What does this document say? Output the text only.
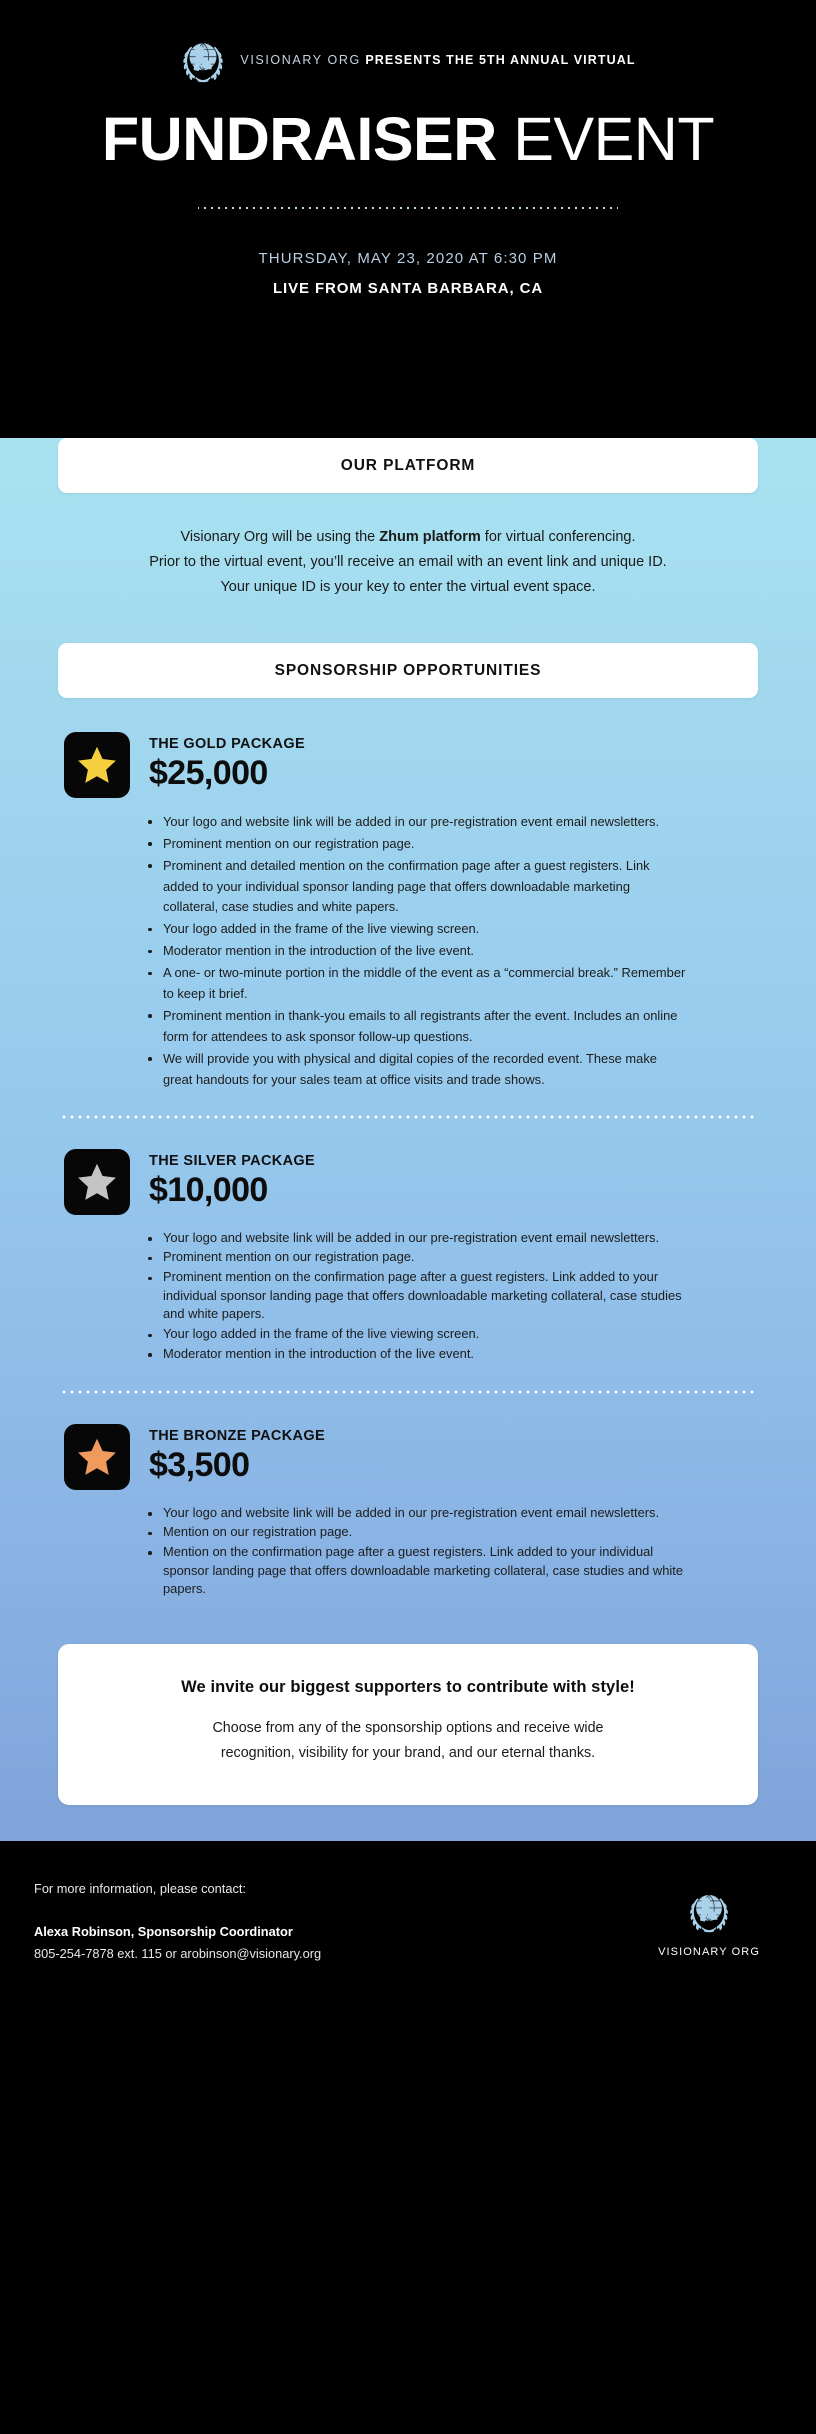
VISIONARY ORG PRESENTS THE 5TH ANNUAL VIRTUAL
FUNDRAISER EVENT
THURSDAY, MAY 23, 2020 AT 6:30 PM
LIVE FROM SANTA BARBARA, CA
OUR PLATFORM
Visionary Org will be using the Zhum platform for virtual conferencing.
Prior to the virtual event, you’ll receive an email with an event link and unique ID.
Your unique ID is your key to enter the virtual event space.
SPONSORSHIP OPPORTUNITIES
THE GOLD PACKAGE
$25,000
Your logo and website link will be added in our pre-registration event email newsletters.
Prominent mention on our registration page.
Prominent and detailed mention on the confirmation page after a guest registers. Link added to your individual sponsor landing page that offers downloadable marketing collateral, case studies and white papers.
Your logo added in the frame of the live viewing screen.
Moderator mention in the introduction of the live event.
A one- or two-minute portion in the middle of the event as a “commercial break.” Remember to keep it brief.
Prominent mention in thank-you emails to all registrants after the event. Includes an online form for attendees to ask sponsor follow-up questions.
We will provide you with physical and digital copies of the recorded event. These make great handouts for your sales team at office visits and trade shows.
THE SILVER PACKAGE
$10,000
Your logo and website link will be added in our pre-registration event email newsletters.
Prominent mention on our registration page.
Prominent mention on the confirmation page after a guest registers. Link added to your individual sponsor landing page that offers downloadable marketing collateral, case studies and white papers.
Your logo added in the frame of the live viewing screen.
Moderator mention in the introduction of the live event.
THE BRONZE PACKAGE
$3,500
Your logo and website link will be added in our pre-registration event email newsletters.
Mention on our registration page.
Mention on the confirmation page after a guest registers. Link added to your individual sponsor landing page that offers downloadable marketing collateral, case studies and white papers.
We invite our biggest supporters to contribute with style!
Choose from any of the sponsorship options and receive wide
recognition, visibility for your brand, and our eternal thanks.
For more information, please contact:
Alexa Robinson, Sponsorship Coordinator
805-254-7878 ext. 115 or arobinson@visionary.org	VISIONARY ORG
